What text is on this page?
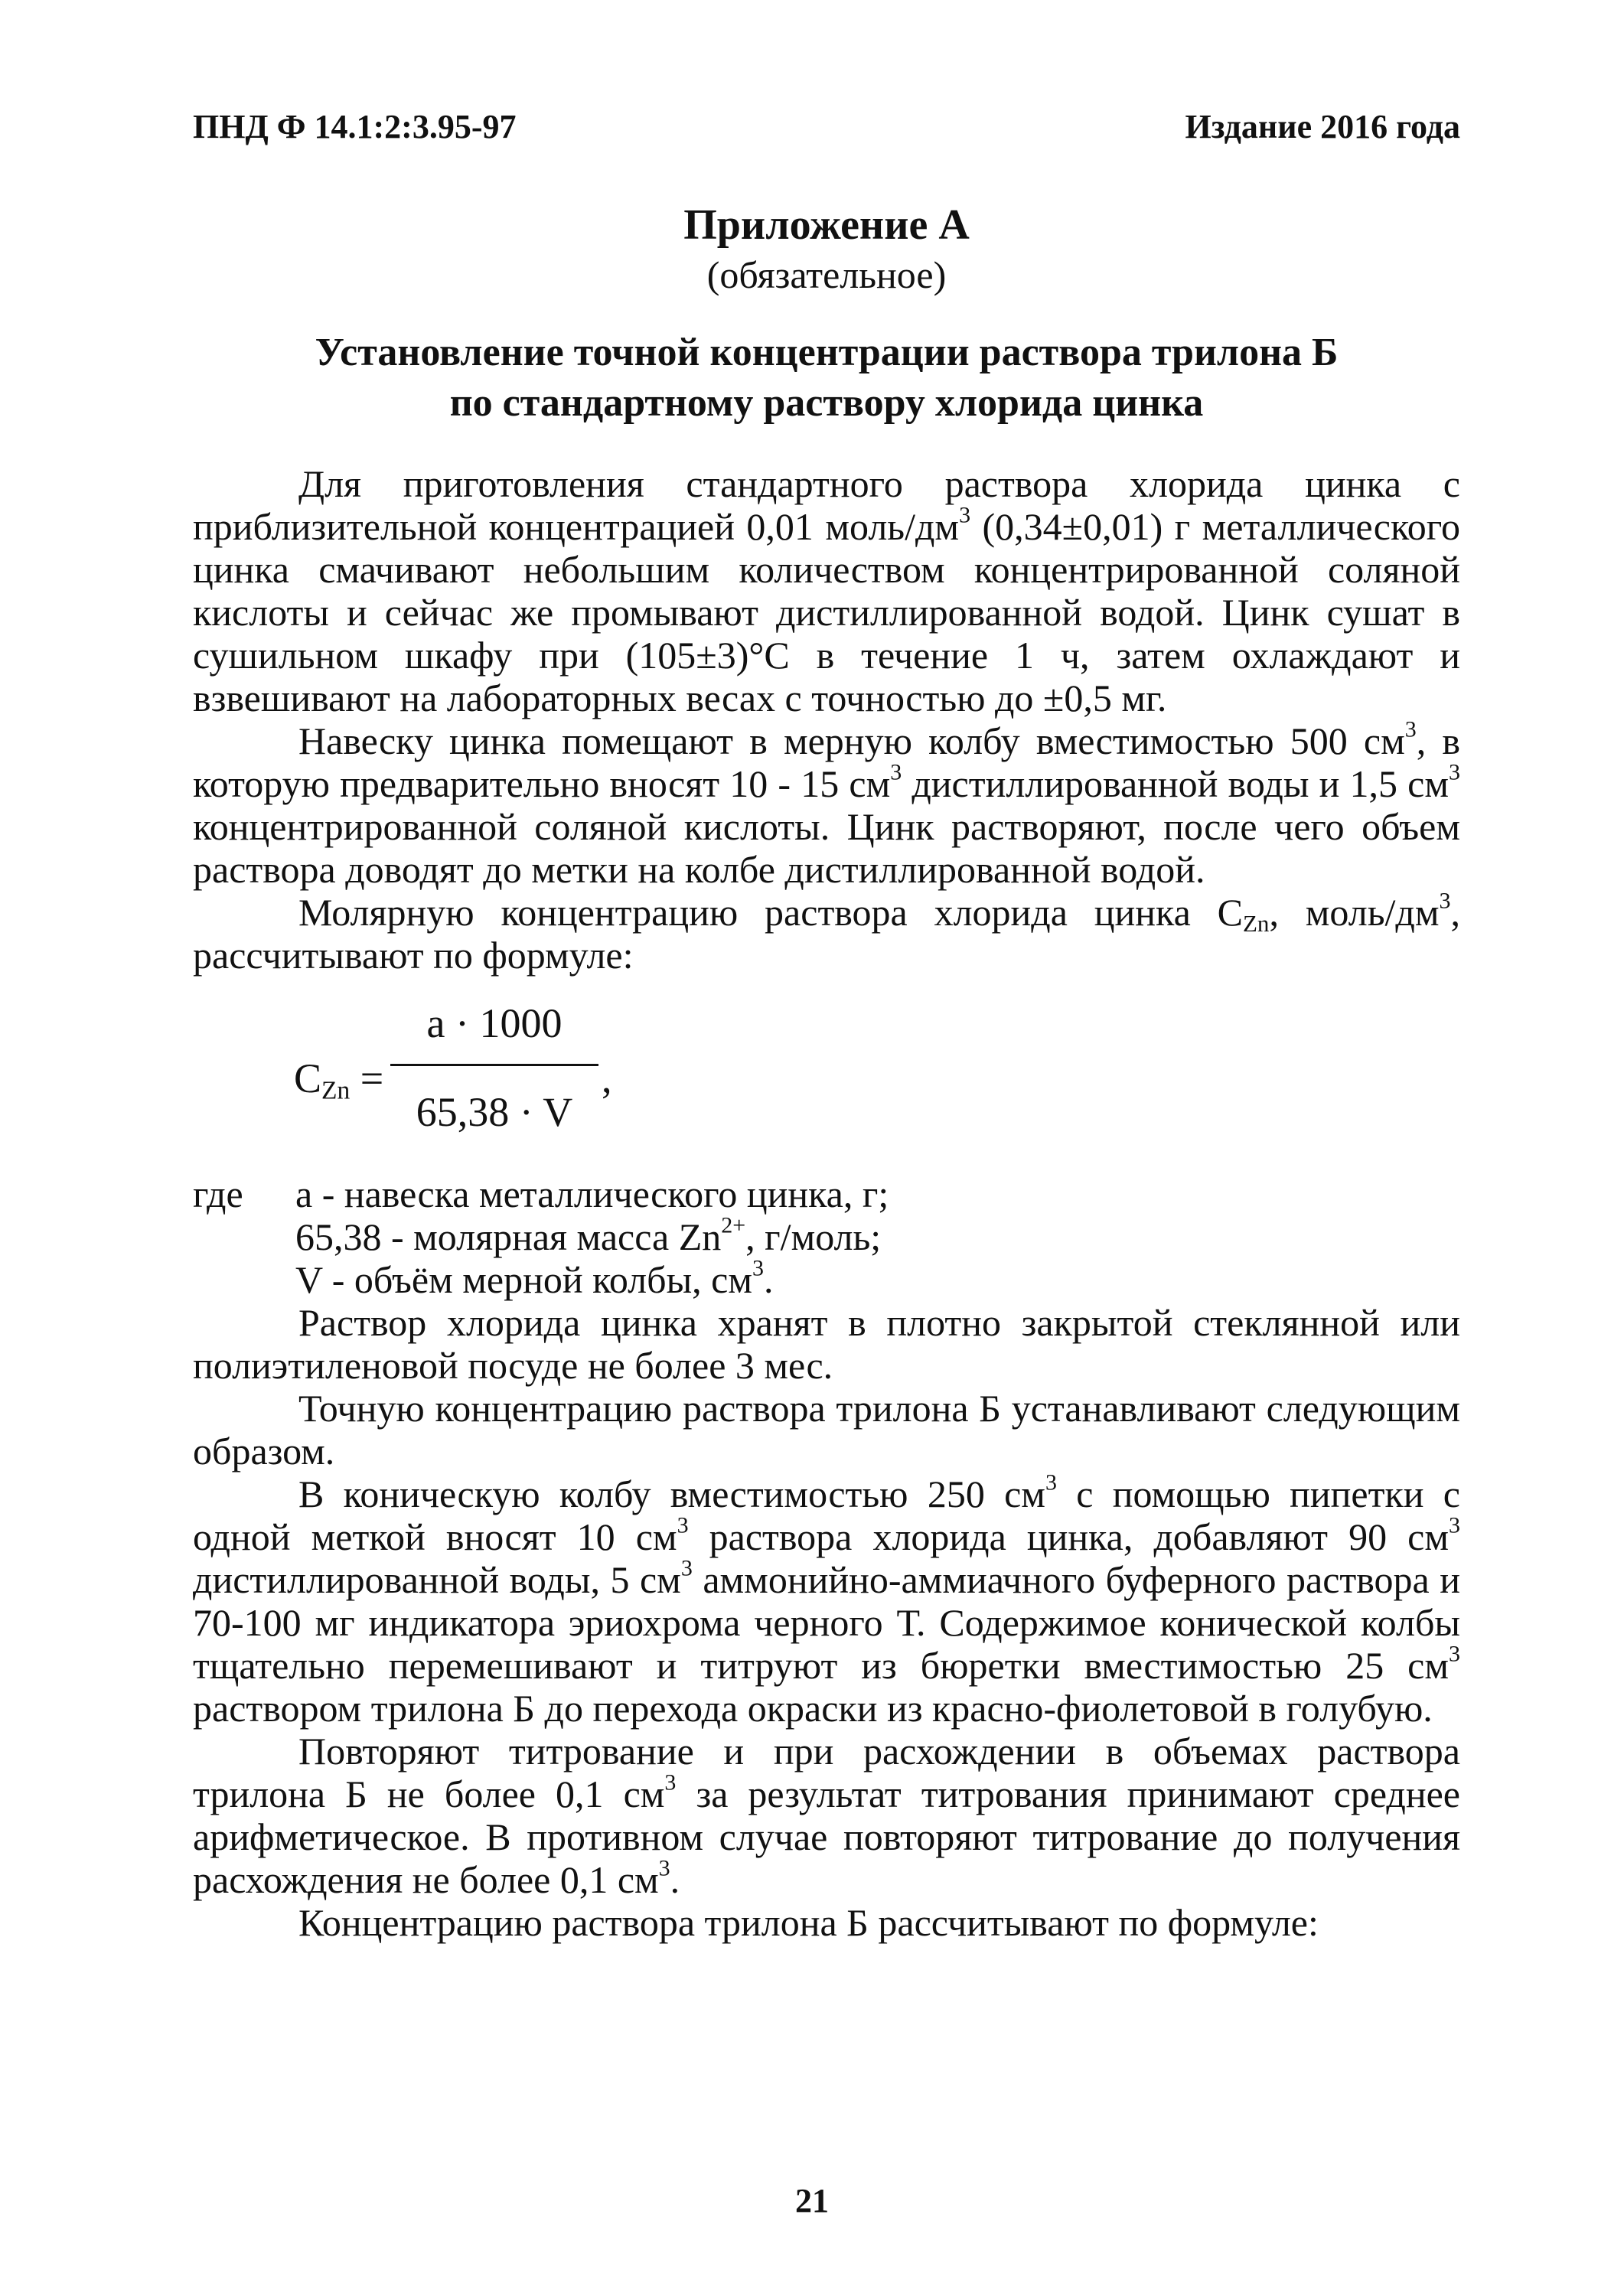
ПНД Ф 14.1:2:3.95-97	Издание 2016 года
Приложение А
(обязательное)
Установление точной концентрации раствора трилона Б
по стандартному раствору хлорида цинка

Для приготовления стандартного раствора хлорида цинка с приблизительной концентрацией 0,01 моль/$дм^3$ (0,34±0,01) г металлического цинка смачивают небольшим количеством концентрированной соляной кислоты и сейчас же промывают дистиллированной водой. Цинк сушат в сушильном шкафу при (105±3)°С в течение 1 ч, затем охлаждают и взвешивают на лабораторных весах с точностью до ±0,5 мг.

Навеску цинка помещают в мерную колбу вместимостью 500 $см^3$, в которую предварительно вносят 10 - 15 $см^3$ дистиллированной воды и 1,5 $см^3$ концентрированной соляной кислоты. Цинк растворяют, после чего объем раствора доводят до метки на колбе дистиллированной водой.

Молярную концентрацию раствора хлорида цинка $C_{Zn}$, моль/$дм^3$, рассчитывают по формуле:

$C_{Zn}$ =
a · 1000
65,38 · V
,
где a - навеска металлического цинка, г;
65,38 - молярная масса $Zn^{2+}$, г/моль;
V - объём мерной колбы, $см^3$.

Раствор хлорида цинка хранят в плотно закрытой стеклянной или полиэтиленовой посуде не более 3 мес.

Точную концентрацию раствора трилона Б устанавливают следующим образом.

В коническую колбу вместимостью 250 $см^3$ с помощью пипетки с одной меткой вносят 10 $см^3$ раствора хлорида цинка, добавляют 90 $см^3$ дистиллированной воды, 5 $см^3$ аммонийно-аммиачного буферного раствора и 70-100 мг индикатора эриохрома черного Т. Содержимое конической колбы тщательно перемешивают и титруют из бюретки вместимостью 25 $см^3$ раствором трилона Б до перехода окраски из красно-фиолетовой в голубую.

Повторяют титрование и при расхождении в объемах раствора трилона Б не более 0,1 $см^3$ за результат титрования принимают среднее арифметическое. В противном случае повторяют титрование до получения расхождения не более 0,1 $см^3$.

Концентрацию раствора трилона Б рассчитывают по формуле:

21
